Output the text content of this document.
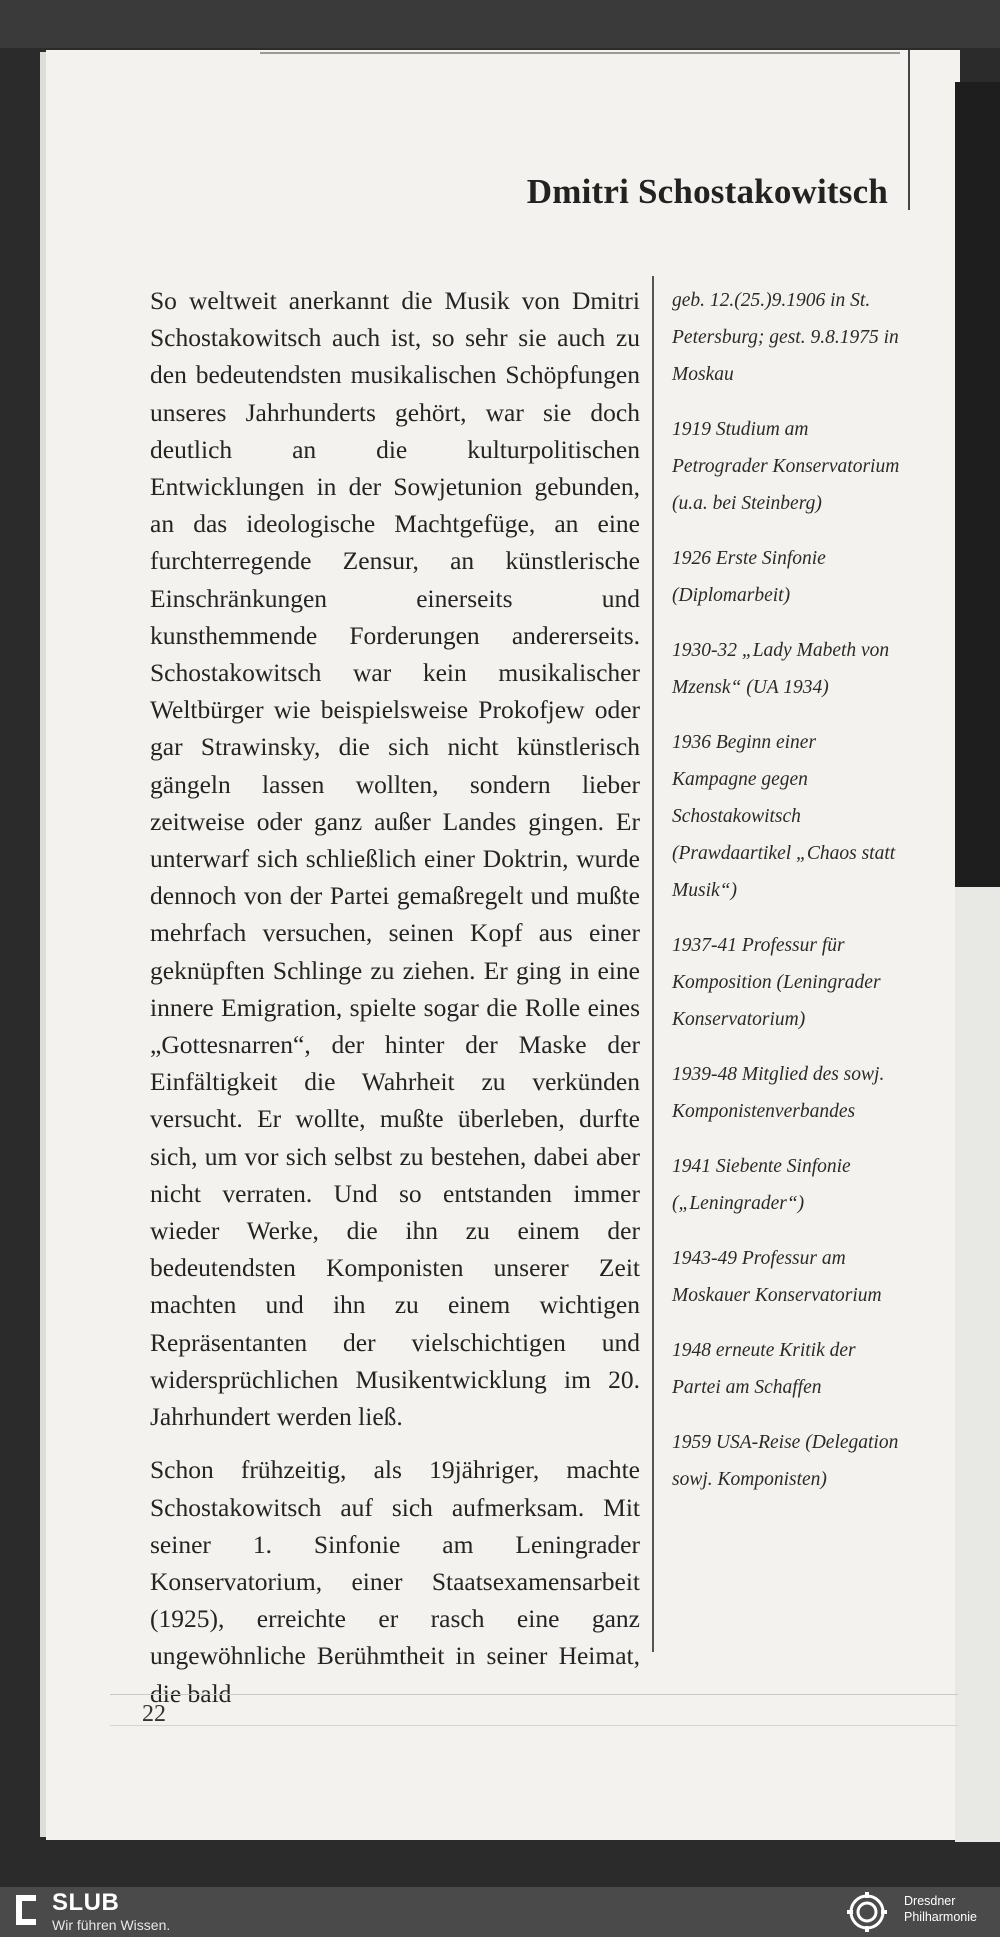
Dmitri Schostakowitsch

So weltweit anerkannt die Musik von Dmitri Schostakowitsch auch ist, so sehr sie auch zu den bedeutendsten musikalischen Schöpfungen unseres Jahrhunderts gehört, war sie doch deutlich an die kulturpolitischen Entwicklungen in der Sowjetunion gebunden, an das ideologische Machtgefüge, an eine furchterregende Zensur, an künstlerische Einschränkungen einerseits und kunsthemmende Forderungen andererseits. Schostakowitsch war kein musikalischer Weltbürger wie beispielsweise Prokofjew oder gar Strawinsky, die sich nicht künstlerisch gängeln lassen wollten, sondern lieber zeitweise oder ganz außer Landes gingen. Er unterwarf sich schließlich einer Doktrin, wurde dennoch von der Partei gemaßregelt und mußte mehrfach versuchen, seinen Kopf aus einer geknüpften Schlinge zu ziehen. Er ging in eine innere Emigration, spielte sogar die Rolle eines „Gottesnarren“, der hinter der Maske der Einfältigkeit die Wahrheit zu verkünden versucht. Er wollte, mußte überleben, durfte sich, um vor sich selbst zu bestehen, dabei aber nicht verraten. Und so entstanden immer wieder Werke, die ihn zu einem der bedeutendsten Komponisten unserer Zeit machten und ihn zu einem wichtigen Repräsentanten der vielschichtigen und widersprüchlichen Musikentwicklung im 20. Jahrhundert werden ließ.

Schon frühzeitig, als 19jähriger, machte Schostakowitsch auf sich aufmerksam. Mit seiner 1. Sinfonie am Leningrader Konservatorium, einer Staatsexamensarbeit (1925), erreichte er rasch eine ganz ungewöhnliche Berühmtheit in seiner Heimat, die bald

geb. 12.(25.)9.1906 in St. Petersburg; gest. 9.8.1975 in Moskau

1919 Studium am Petrograder Konservatorium (u.a. bei Steinberg)

1926 Erste Sinfonie (Diplomarbeit)

1930-32 „Lady Mabeth von Mzensk“ (UA 1934)

1936 Beginn einer Kampagne gegen Schostakowitsch (Prawdaartikel „Chaos statt Musik“)

1937-41 Professur für Komposition (Leningrader Konservatorium)

1939-48 Mitglied des sowj. Komponistenverbandes

1941 Siebente Sinfonie („Leningrader“)

1943-49 Professur am Moskauer Konservatorium

1948 erneute Kritik der Partei am Schaffen

1959 USA-Reise (Delegation sowj. Komponisten)

22
SLUB
Wir führen Wissen.
Dresdner
Philharmonie
